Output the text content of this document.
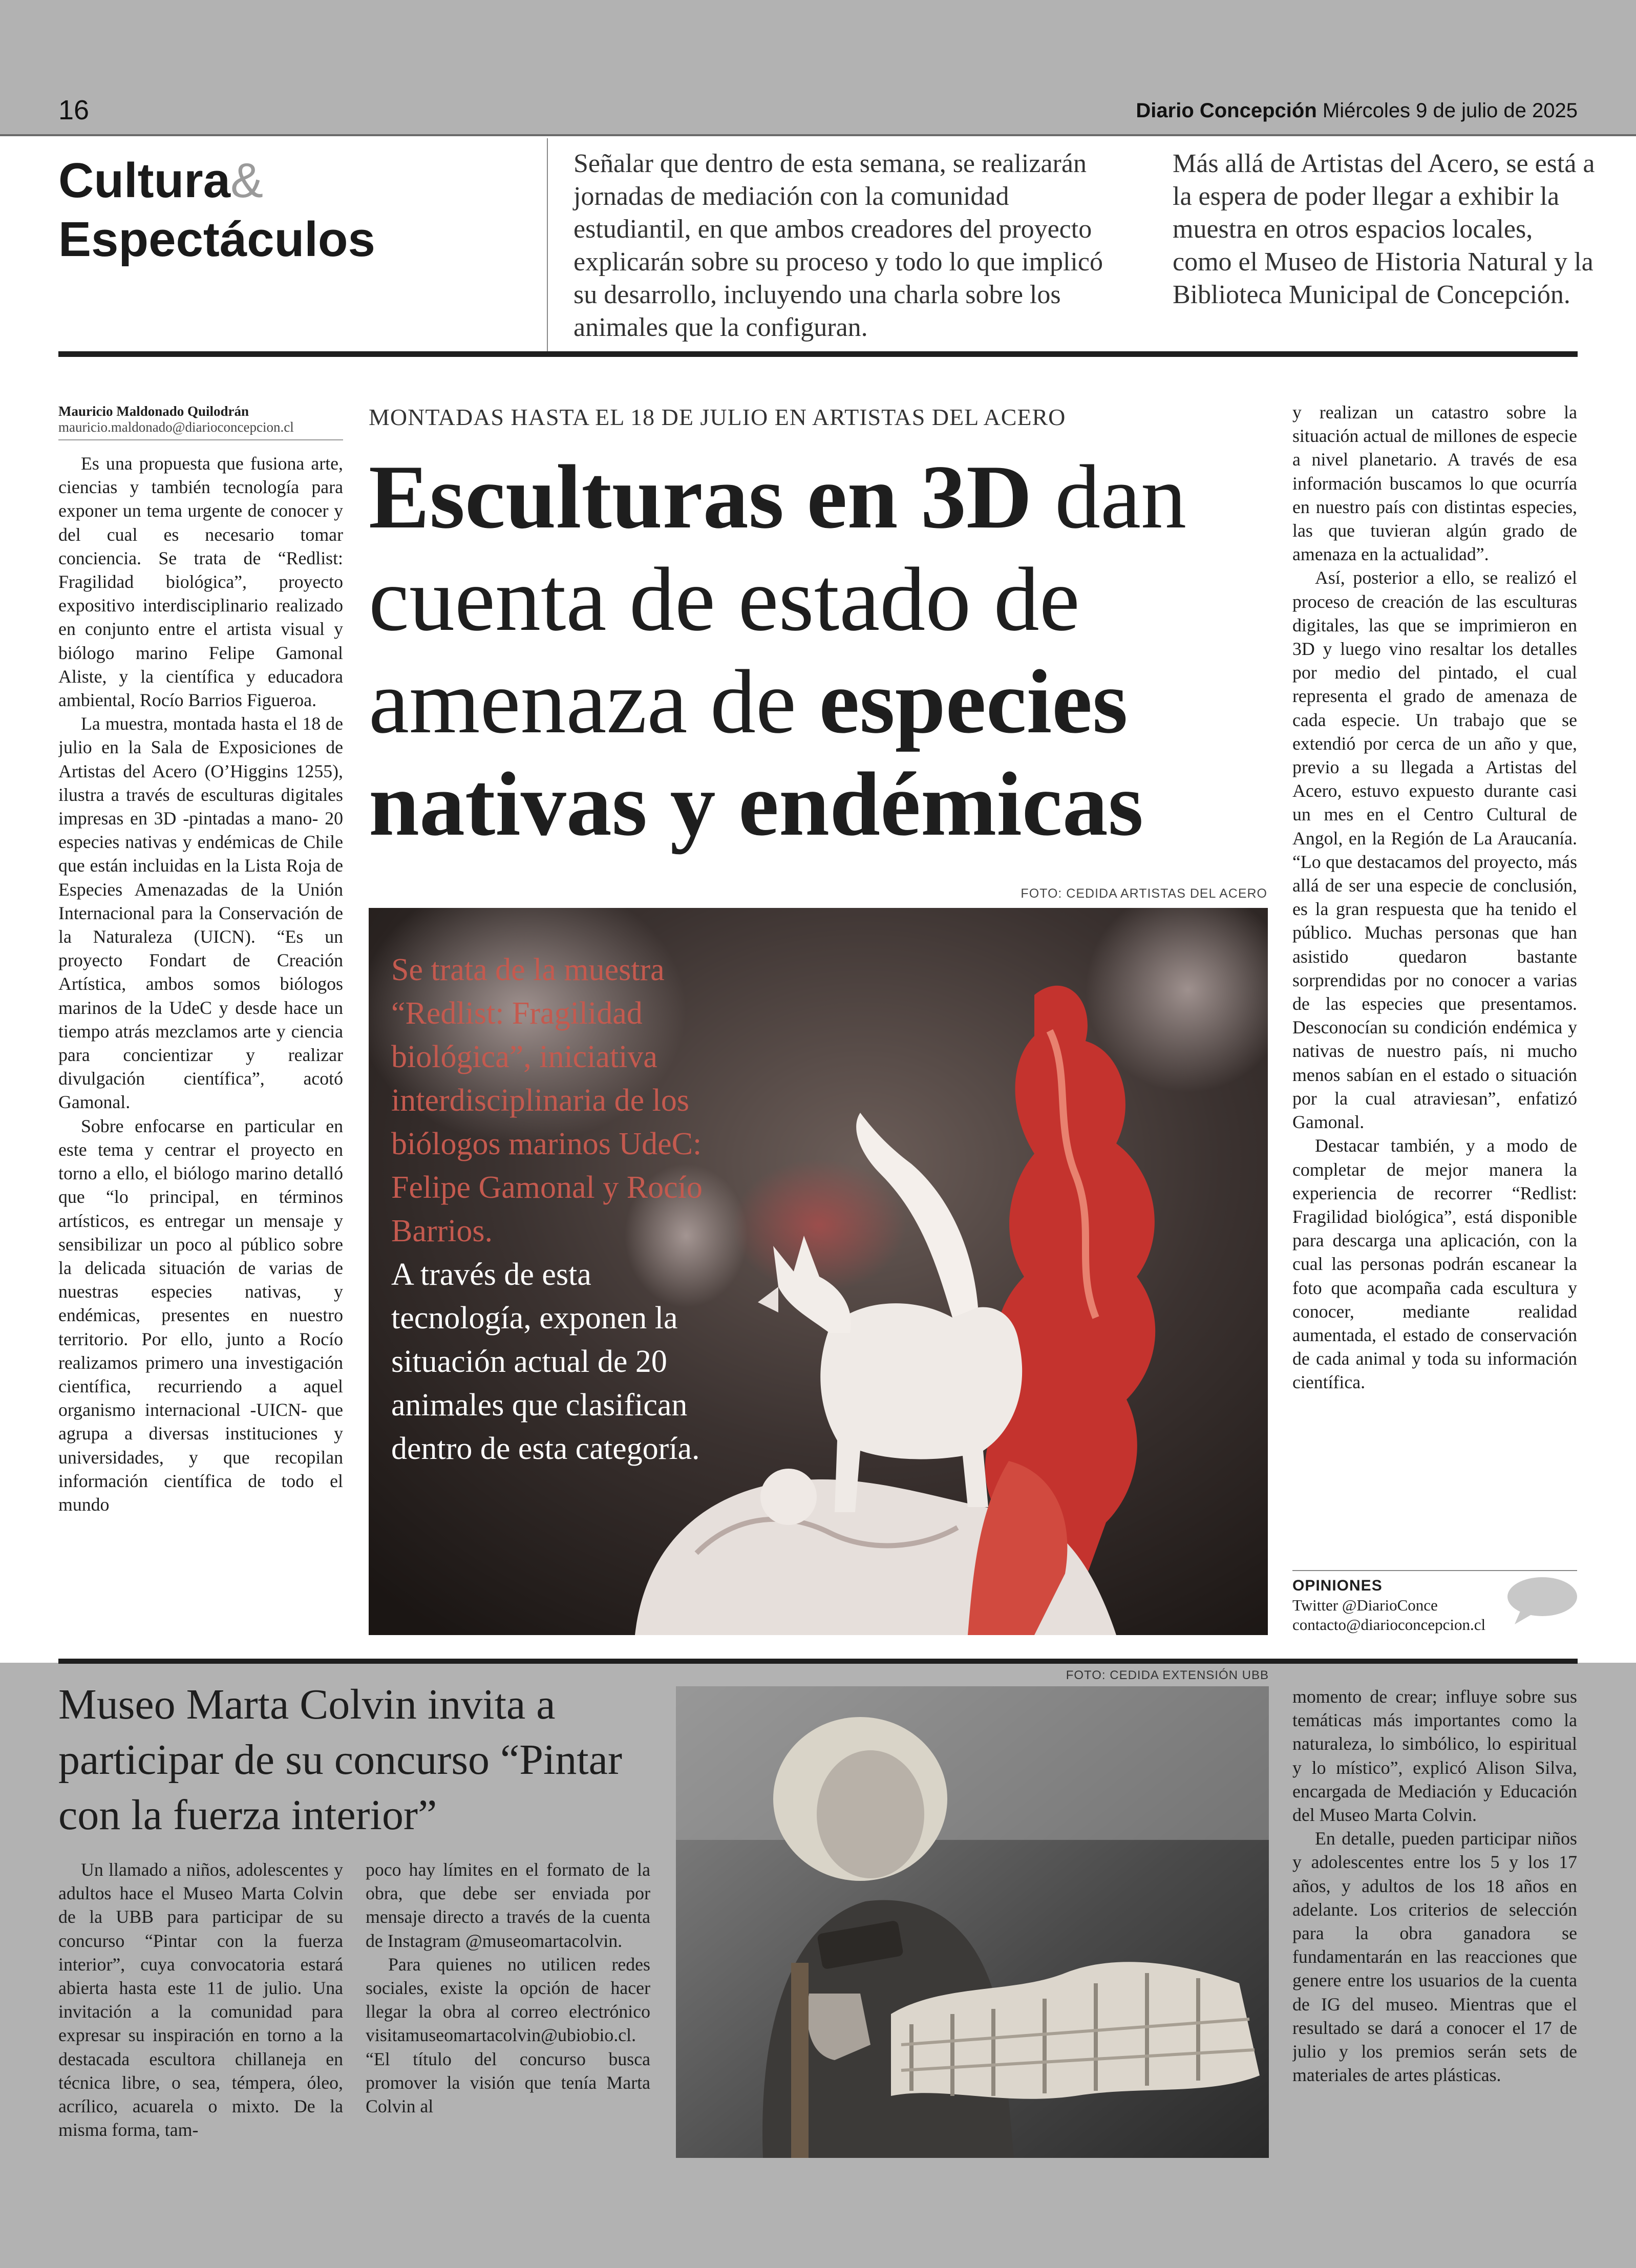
16	Diario Concepción Miércoles 9 de julio de 2025
Cultura&
Espectáculos
Señalar que dentro de esta semana, se realizarán jornadas de mediación con la comunidad estudiantil, en que ambos creadores del proyecto explicarán sobre su proceso y todo lo que implicó su desarrollo, incluyendo una charla sobre los animales que la configuran.
Más allá de Artistas del Acero, se está a la espera de poder llegar a exhibir la muestra en otros espacios locales, como el Museo de Historia Natural y la Biblioteca Municipal de Concepción.
Mauricio Maldonado Quilodrán
mauricio.maldonado@diarioconcepcion.cl

Es una propuesta que fusiona arte, ciencias y también tecnología para exponer un tema urgente de conocer y del cual es necesario tomar conciencia. Se trata de “Redlist: Fragilidad biológica”, proyecto expositivo interdisciplinario realizado en conjunto entre el artista visual y biólogo marino Felipe Gamonal Aliste, y la científica y educadora ambiental, Rocío Barrios Figueroa.

La muestra, montada hasta el 18 de julio en la Sala de Exposiciones de Artistas del Acero (O’Higgins 1255), ilustra a través de esculturas digitales impresas en 3D -pintadas a mano- 20 especies nativas y endémicas de Chile que están incluidas en la Lista Roja de Especies Amenazadas de la Unión Internacional para la Conservación de la Naturaleza (UICN). “Es un proyecto Fondart de Creación Artística, ambos somos biólogos marinos de la UdeC y desde hace un tiempo atrás mezclamos arte y ciencia para concientizar y realizar divulgación científica”, acotó Gamonal.

Sobre enfocarse en particular en este tema y centrar el proyecto en torno a ello, el biólogo marino detalló que “lo principal, en términos artísticos, es entregar un mensaje y sensibilizar un poco al público sobre la delicada situación de varias de nuestras especies nativas, y endémicas, presentes en nuestro territorio. Por ello, junto a Rocío realizamos primero una investigación científica, recurriendo a aquel organismo internacional -UICN- que agrupa a diversas instituciones y universidades, y que recopilan información científica de todo el mundo

MONTADAS HASTA EL 18 DE JULIO EN ARTISTAS DEL ACERO
Esculturas en 3D dan cuenta de estado de amenaza de especies nativas y endémicas
FOTO: CEDIDA ARTISTAS DEL ACERO
Se trata de la muestra “Redlist: Fragilidad biológica”, iniciativa interdisciplinaria de los biólogos marinos UdeC: Felipe Gamonal y Rocío Barrios.
A través de esta tecnología, exponen la situación actual de 20 animales que clasifican dentro de esta categoría.

y realizan un catastro sobre la situación actual de millones de especie a nivel planetario. A través de esa información buscamos lo que ocurría en nuestro país con distintas especies, las que tuvieran algún grado de amenaza en la actualidad”.

Así, posterior a ello, se realizó el proceso de creación de las esculturas digitales, las que se imprimieron en 3D y luego vino resaltar los detalles por medio del pintado, el cual representa el grado de amenaza de cada especie. Un trabajo que se extendió por cerca de un año y que, previo a su llegada a Artistas del Acero, estuvo expuesto durante casi un mes en el Centro Cultural de Angol, en la Región de La Araucanía. “Lo que destacamos del proyecto, más allá de ser una especie de conclusión, es la gran respuesta que ha tenido el público. Muchas personas que han asistido quedaron bastante sorprendidas por no conocer a varias de las especies que presentamos. Desconocían su condición endémica y nativas de nuestro país, ni mucho menos sabían en el estado o situación por la cual atraviesan”, enfatizó Gamonal.

Destacar también, y a modo de completar de mejor manera la experiencia de recorrer “Redlist: Fragilidad biológica”, está disponible para descarga una aplicación, con la cual las personas podrán escanear la foto que acompaña cada escultura y conocer, mediante realidad aumentada, el estado de conservación de cada animal y toda su información científica.

OPINIONES
Twitter @DiarioConce
contacto@diarioconcepcion.cl
Museo Marta Colvin invita a participar de su concurso “Pintar con la fuerza interior”
FOTO: CEDIDA EXTENSIÓN UBB

Un llamado a niños, adolescentes y adultos hace el Museo Marta Colvin de la UBB para participar de su concurso “Pintar con la fuerza interior”, cuya convocatoria estará abierta hasta este 11 de julio. Una invitación a la comunidad para expresar su inspiración en torno a la destacada escultora chillaneja en técnica libre, o sea, témpera, óleo, acrílico, acuarela o mixto. De la misma forma, tam-

poco hay límites en el formato de la obra, que debe ser enviada por mensaje directo a través de la cuenta de Instagram @museomartacolvin.

Para quienes no utilicen redes sociales, existe la opción de hacer llegar la obra al correo electrónico visitamuseomartacolvin@ubiobio.cl. “El título del concurso busca promover la visión que tenía Marta Colvin al

momento de crear; influye sobre sus temáticas más importantes como la naturaleza, lo simbólico, lo espiritual y lo místico”, explicó Alison Silva, encargada de Mediación y Educación del Museo Marta Colvin.

En detalle, pueden participar niños y adolescentes entre los 5 y los 17 años, y adultos de los 18 años en adelante. Los criterios de selección para la obra ganadora se fundamentarán en las reacciones que genere entre los usuarios de la cuenta de IG del museo. Mientras que el resultado se dará a conocer el 17 de julio y los premios serán sets de materiales de artes plásticas.
